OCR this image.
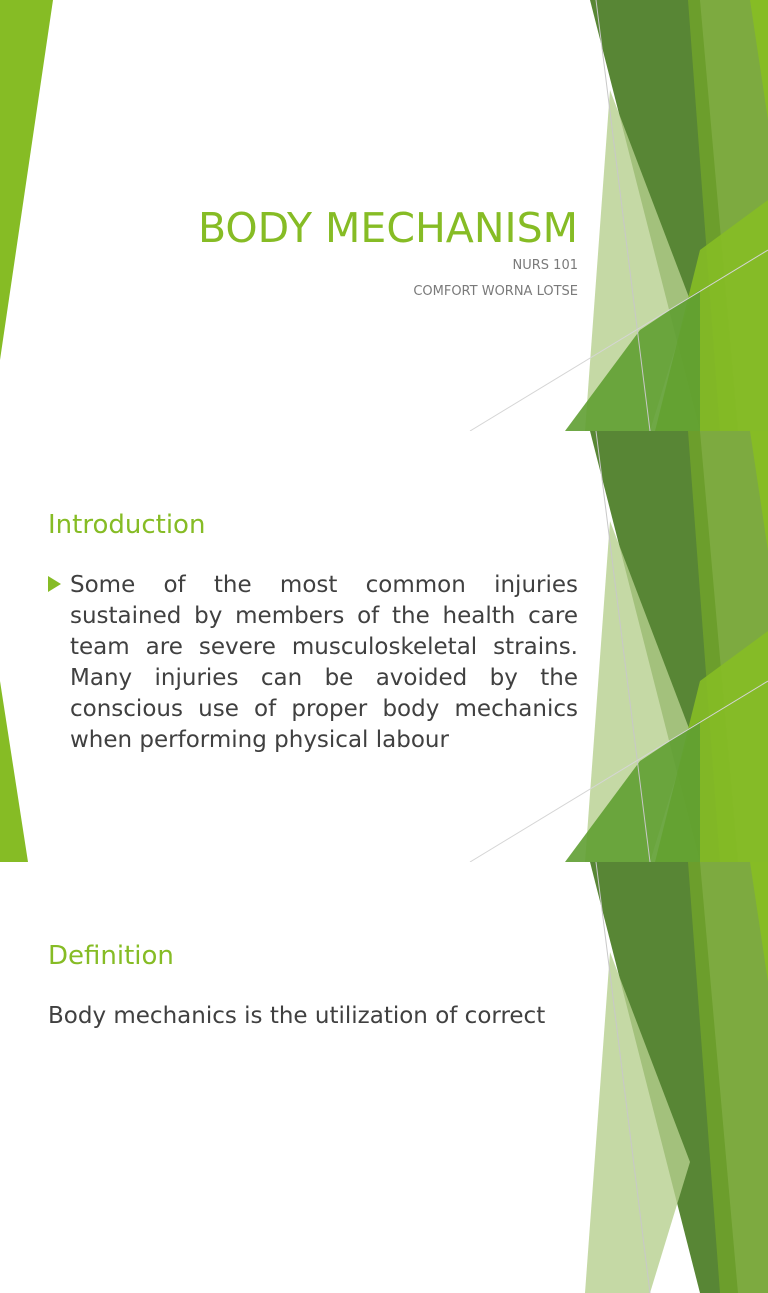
BODY MECHANISM
NURS 101
COMFORT WORNA LOTSE
Introduction
Some of the most common injuries sustained by members of the health care team are severe musculoskeletal strains. Many injuries can be avoided by the conscious use of proper body mechanics when performing physical labour
Definition
Body mechanics is the utilization of correct
